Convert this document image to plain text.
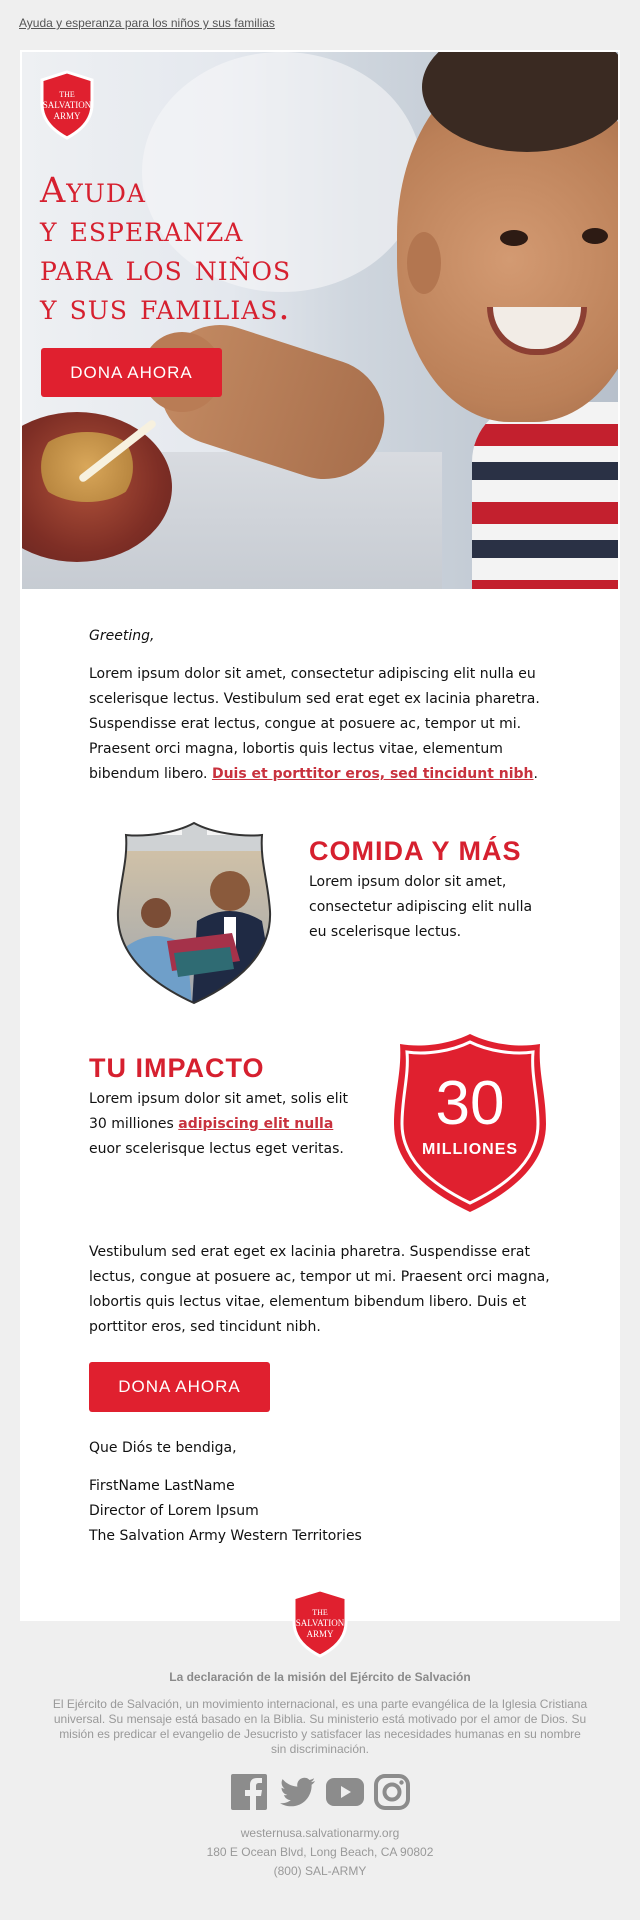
Ayuda y esperanza para los niños y sus familias
THE
SALVATION
ARMY
Ayuda
y esperanza
para los niños
y sus familias.
DONA AHORA
Greeting,
Lorem ipsum dolor sit amet, consectetur adipiscing elit nulla eu scelerisque lectus. Vestibulum sed erat eget ex lacinia pharetra. Suspendisse erat lectus, congue at posuere ac, tempor ut mi. Praesent orci magna, lobortis quis lectus vitae, elementum bibendum libero. Duis et porttitor eros, sed tincidunt nibh.
COMIDA Y MÁS
Lorem ipsum dolor sit amet, consectetur adipiscing elit nulla eu scelerisque lectus.
TU IMPACTO
Lorem ipsum dolor sit amet, solis elit 30 milliones adipiscing elit nulla euor scelerisque lectus eget veritas.
30
MILLIONES
Vestibulum sed erat eget ex lacinia pharetra. Suspendisse erat lectus, congue at posuere ac, tempor ut mi. Praesent orci magna, lobortis quis lectus vitae, elementum bibendum libero. Duis et porttitor eros, sed tincidunt nibh.
DONA AHORA
Que Diós te bendiga,
FirstName LastName
Director of Lorem Ipsum
The Salvation Army Western Territories
THE
SALVATION
ARMY
La declaración de la misión del Ejército de Salvación
El Ejército de Salvación, un movimiento internacional, es una parte evangélica de la Iglesia Cristiana universal. Su mensaje está basado en la Biblia. Su ministerio está motivado por el amor de Dios. Su misión es predicar el evangelio de Jesucristo y satisfacer las necesidades humanas en su nombre sin discriminación.
westernusa.salvationarmy.org
180 E Ocean Blvd, Long Beach, CA 90802
(800) SAL-ARMY
